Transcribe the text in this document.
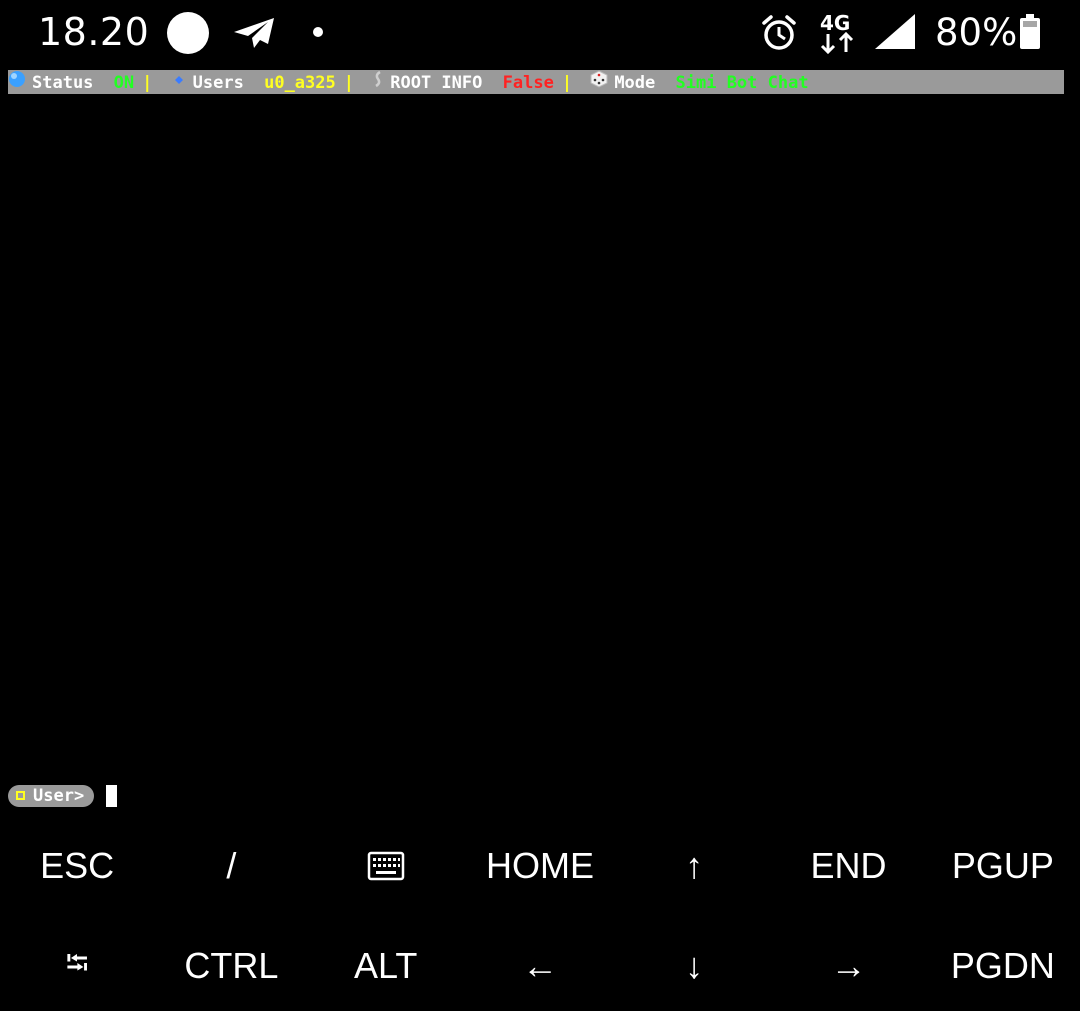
18.20	4G 80%
Status ON | Users u0_a325 | ROOT INFO False | Mode Simi Bot Chat
User>
ESC	/	HOME	↑	END	PGUP
⭾	CTRL	ALT	←	↓	→	PGDN
